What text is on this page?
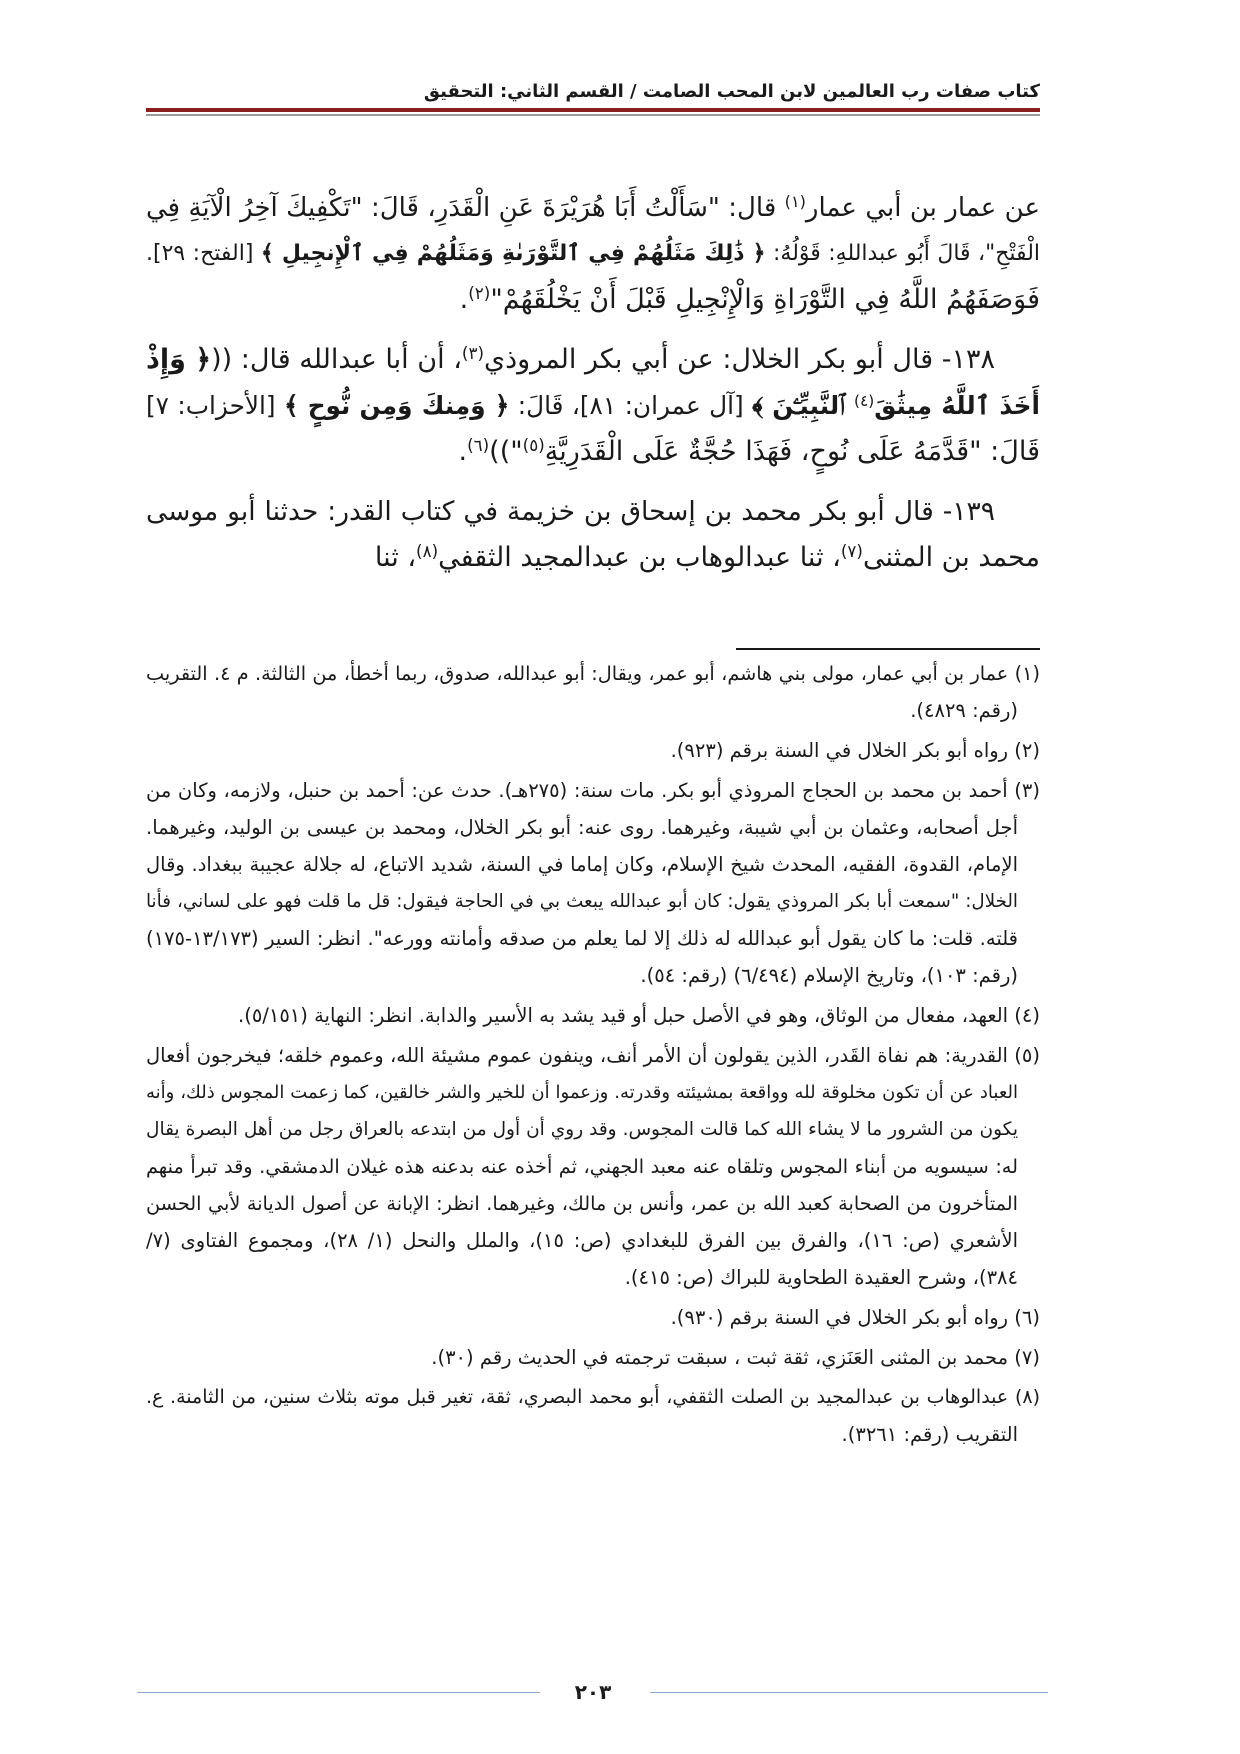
كتاب صفات رب العالمين لابن المحب الصامت / القسم الثاني: التحقيق
عن عمار بن أبي عمار$^{(١)}$ قال: "سَأَلْتُ أَبَا هُرَيْرَةَ عَنِ الْقَدَرِ، قَالَ: "تَكْفِيكَ آخِرُ الْآيَةِ فِي
الْفَتْحِ"، قَالَ أَبُو عبداللهِ: قَوْلُهُ: ﴿ ذَٰلِكَ مَثَلُهُمْ فِي ٱلتَّوْرَىٰةِ وَمَثَلُهُمْ فِي ٱلْإِنجِيلِ ﴾ [الفتح: ٢٩].
فَوَصَفَهُمُ اللَّهُ فِي التَّوْرَاةِ وَالْإِنْجِيلِ قَبْلَ أَنْ يَخْلُقَهُمْ"$^{(٢)}$.
١٣٨- قال أبو بكر الخلال: عن أبي بكر المروذي$^{(٣)}$، أن أبا عبدالله قال: ((﴿ وَإِذْ
أَخَذَ ٱللَّهُ مِيثَٰقَ$^{(٤)}$ ٱلنَّبِيِّـۧنَ ﴾ [آل عمران: ٨١]، قَالَ: ﴿ وَمِنكَ وَمِن نُّوحٍ ﴾ [الأحزاب: ٧]
قَالَ: "قَدَّمَهُ عَلَى نُوحٍ، فَهَذَا حُجَّةٌ عَلَى الْقَدَرِيَّةِ$^{(٥)}$"))$^{(٦)}$.
١٣٩- قال أبو بكر محمد بن إسحاق بن خزيمة في كتاب القدر: حدثنا أبو موسى
محمد بن المثنى$^{(٧)}$، ثنا عبدالوهاب بن عبدالمجيد الثقفي$^{(٨)}$، ثنا
(١) عمار بن أبي عمار، مولى بني هاشم، أبو عمر، ويقال: أبو عبدالله، صدوق، ربما أخطأ، من الثالثة. م ٤. التقريب
(رقم: ٤٨٢٩).
(٢) رواه أبو بكر الخلال في السنة برقم (٩٢٣).
(٣) أحمد بن محمد بن الحجاج المروذي أبو بكر. مات سنة: (٢٧٥هـ). حدث عن: أحمد بن حنبل، ولازمه، وكان من
أجل أصحابه، وعثمان بن أبي شيبة، وغيرهما. روى عنه: أبو بكر الخلال، ومحمد بن عيسى بن الوليد، وغيرهما.
الإمام، القدوة، الفقيه، المحدث شيخ الإسلام، وكان إماما في السنة، شديد الاتباع، له جلالة عجيبة ببغداد. وقال
الخلال: "سمعت أبا بكر المروذي يقول: كان أبو عبدالله يبعث بي في الحاجة فيقول: قل ما قلت فهو على لساني، فأنا
قلته. قلت: ما كان يقول أبو عبدالله له ذلك إلا لما يعلم من صدقه وأمانته وورعه". انظر: السير (١٣/١٧٣-١٧٥)
(رقم: ١٠٣)، وتاريخ الإسلام (٦/٤٩٤) (رقم: ٥٤).
(٤) العهد، مفعال من الوثاق، وهو في الأصل حبل أو قيد يشد به الأسير والدابة. انظر: النهاية (٥/١٥١).
(٥) القدرية: هم نفاة القَدر، الذين يقولون أن الأمر أنف، وينفون عموم مشيئة الله، وعموم خلقه؛ فيخرجون أفعال
العباد عن أن تكون مخلوقة لله وواقعة بمشيئته وقدرته. وزعموا أن للخير والشر خالقين، كما زعمت المجوس ذلك، وأنه
يكون من الشرور ما لا يشاء الله كما قالت المجوس. وقد روي أن أول من ابتدعه بالعراق رجل من أهل البصرة يقال
له: سيسويه من أبناء المجوس وتلقاه عنه معبد الجهني، ثم أخذه عنه بدعنه هذه غيلان الدمشقي. وقد تبرأ منهم
المتأخرون من الصحابة كعبد الله بن عمر، وأنس بن مالك، وغيرهما. انظر: الإبانة عن أصول الديانة لأبي الحسن
الأشعري (ص: ١٦)، والفرق بين الفرق للبغدادي (ص: ١٥)، والملل والنحل (١/ ٢٨)، ومجموع الفتاوى (٧/
٣٨٤)، وشرح العقيدة الطحاوية للبراك (ص: ٤١٥).
(٦) رواه أبو بكر الخلال في السنة برقم (٩٣٠).
(٧) محمد بن المثنى العَنَزي، ثقة ثبت ، سبقت ترجمته في الحديث رقم (٣٠).
(٨) عبدالوهاب بن عبدالمجيد بن الصلت الثقفي، أبو محمد البصري، ثقة، تغير قبل موته بثلاث سنين، من الثامنة. ع.
التقريب (رقم: ٣٢٦١).
٢٠٣
